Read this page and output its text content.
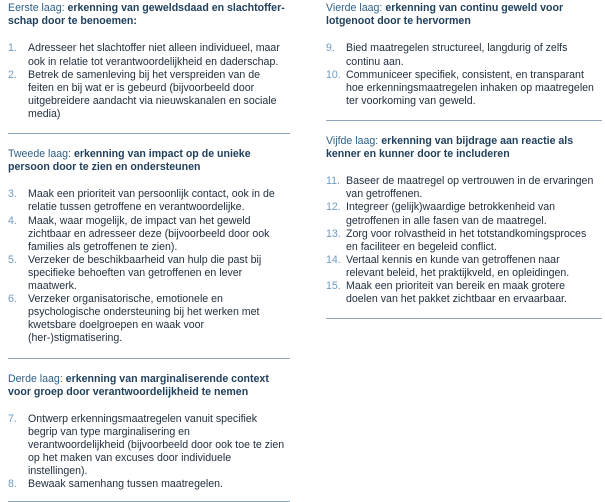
Eerste laag: erkenning van geweldsdaad en slachtoffer-schap door te benoemen:

1.	Adresseer het slachtoffer niet alleen individueel, maar ook in relatie tot verantwoordelijkheid en daderschap.
2.	Betrek de samenleving bij het verspreiden van de feiten en bij wat er is gebeurd (bijvoorbeeld door uitgebreidere aandacht via nieuwskanalen en sociale media)

Tweede laag: erkenning van impact op de unieke persoon door te zien en ondersteunen

3.	Maak een prioriteit van persoonlijk contact, ook in de relatie tussen getroffene en verantwoordelijke.
4.	Maak, waar mogelijk, de impact van het geweld zichtbaar en adresseer deze (bijvoorbeeld door ook families als getroffenen te zien).
5.	Verzeker de beschikbaarheid van hulp die past bij specifieke behoeften van getroffenen en lever maatwerk.
6.	Verzeker organisatorische, emotionele en psychologische ondersteuning bij het werken met kwetsbare doelgroepen en waak voor (her-)stigmatisering.

Derde laag: erkenning van marginaliserende context voor groep door verantwoordelijkheid te nemen

7.	Ontwerp erkenningsmaatregelen vanuit specifiek begrip van type marginalisering en verantwoordelijkheid (bijvoorbeeld door ook toe te zien op het maken van excuses door individuele instellingen).
8.	Bewaak samenhang tussen maatregelen.

Vierde laag: erkenning van continu geweld voor lotgenoot door te hervormen

9.	Bied maatregelen structureel, langdurig of zelfs continu aan.
10. Communiceer specifiek, consistent, en transparant hoe erkenningsmaatregelen inhaken op maatregelen ter voorkoming van geweld.

Vijfde laag: erkenning van bijdrage aan reactie als kenner en kunner door te includeren

11. Baseer de maatregel op vertrouwen in de ervaringen van getroffenen.
12. Integreer (gelijk)waardige betrokkenheid van getroffenen in alle fasen van de maatregel.
13. Zorg voor rolvastheid in het totstandkomingsproces en faciliteer en begeleid conflict.
14. Vertaal kennis en kunde van getroffenen naar relevant beleid, het praktijkveld, en opleidingen.
15. Maak een prioriteit van bereik en maak grotere doelen van het pakket zichtbaar en ervaarbaar.
